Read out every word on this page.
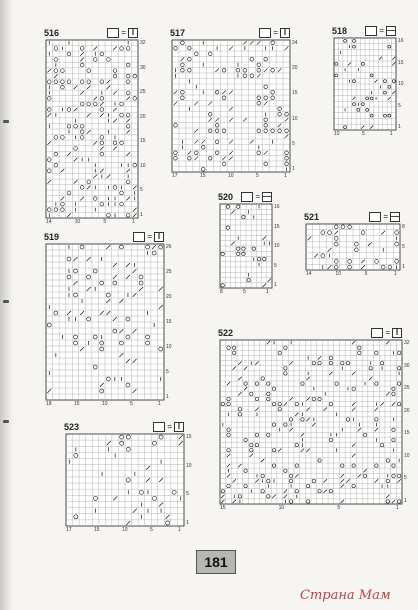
516	= I
32
30
25
20
15
10
5
1
14	10	5	1
517	= I
24
20
15
10
5
1
17	15	10	5	1
518	= —
16
15
10
5
1
10	5	1
519	= I
26
25
20
15
10
5
1
18	15	10	5	1
520	= —
16
15
10
5
1
8	5	1
521	= —
8
5
1
14	10	5	1
522	= I
32
30
25
20
15
10
5
1
15	10	5	1
523	= I
15
10
5
1
17	15	10	5	1
181
Страна Мам
